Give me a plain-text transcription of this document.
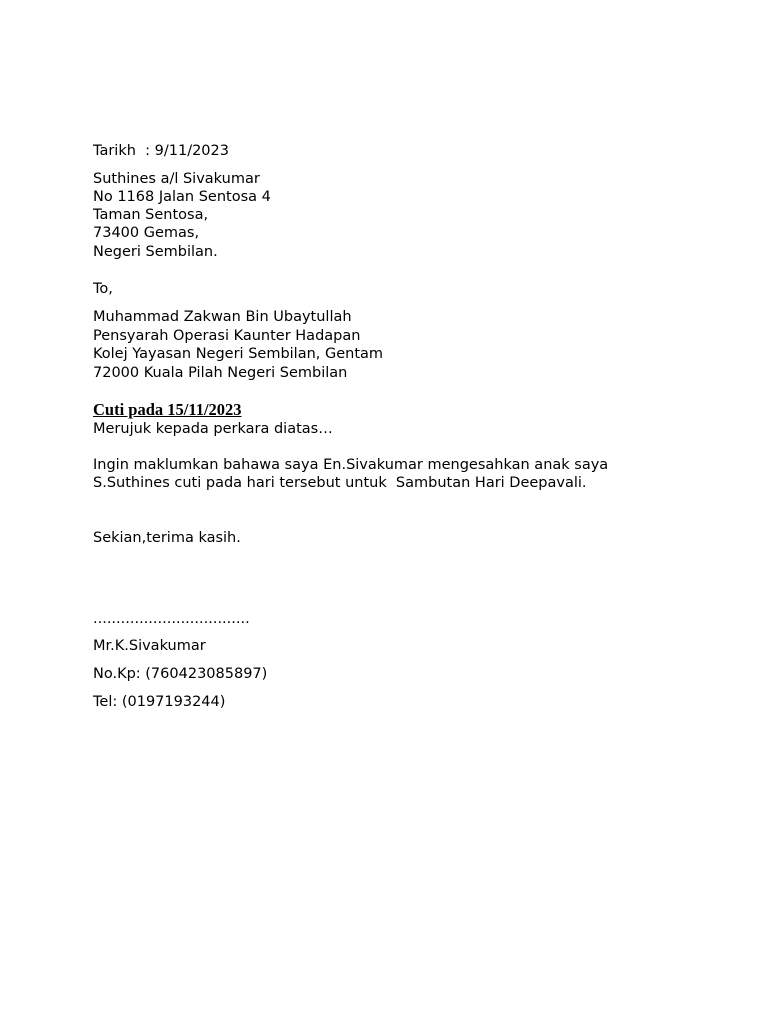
Tarikh  : 9/11/2023
Suthines a/l Sivakumar
No 1168 Jalan Sentosa 4
Taman Sentosa,
73400 Gemas,
Negeri Sembilan.
To,
Muhammad Zakwan Bin Ubaytullah
Pensyarah Operasi Kaunter Hadapan
Kolej Yayasan Negeri Sembilan, Gentam
72000 Kuala Pilah Negeri Sembilan
Cuti pada 15/11/2023
Merujuk kepada perkara diatas…
Ingin maklumkan bahawa saya En.Sivakumar mengesahkan anak saya
S.Suthines cuti pada hari tersebut untuk  Sambutan Hari Deepavali.
Sekian,terima kasih.
..................................
Mr.K.Sivakumar
No.Kp: (760423085897)
Tel: (0197193244)
